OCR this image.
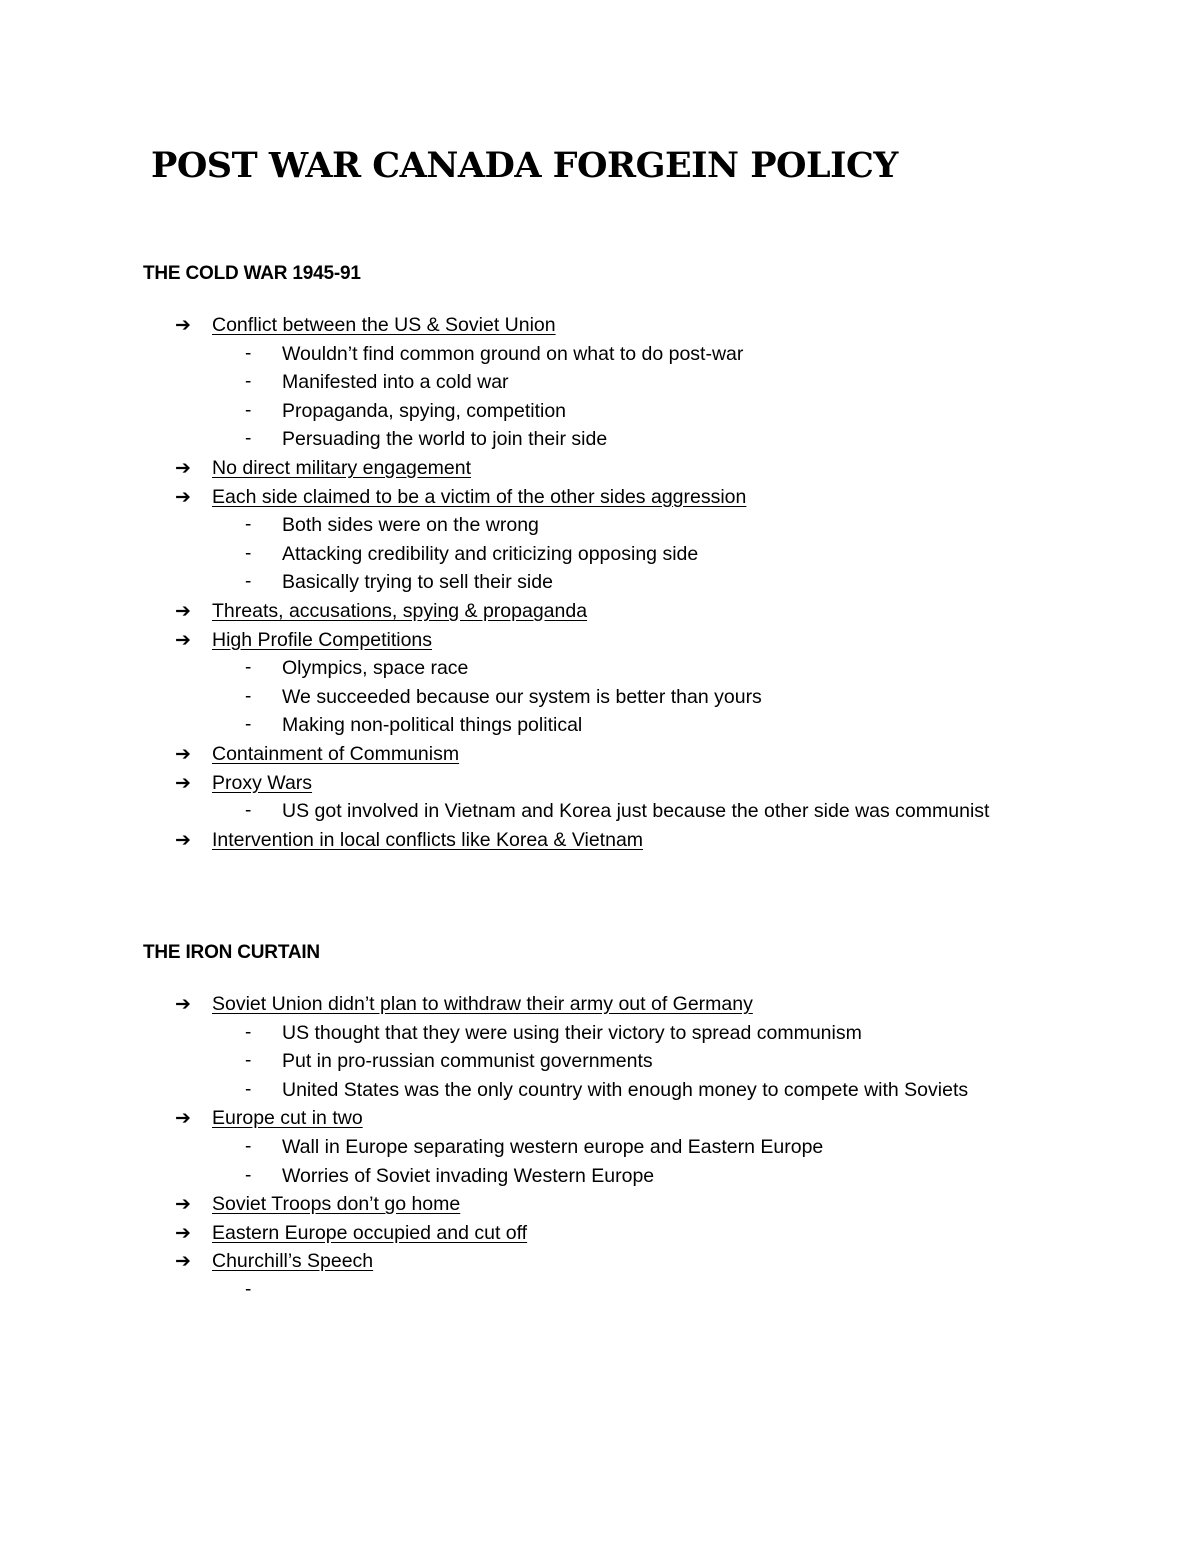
POST WAR CANADA FORGEIN POLICY
THE COLD WAR 1945-91
➔	Conflict between the US & Soviet Union
-	Wouldn’t find common ground on what to do post-war
-	Manifested into a cold war
-	Propaganda, spying, competition
-	Persuading the world to join their side
➔	No direct military engagement
➔	Each side claimed to be a victim of the other sides aggression
-	Both sides were on the wrong
-	Attacking credibility and criticizing opposing side
-	Basically trying to sell their side
➔	Threats, accusations, spying & propaganda
➔	High Profile Competitions
-	Olympics, space race
-	We succeeded because our system is better than yours
-	Making non-political things political
➔	Containment of Communism
➔	Proxy Wars
-	US got involved in Vietnam and Korea just because the other side was communist
➔	Intervention in local conflicts like Korea & Vietnam
THE IRON CURTAIN
➔	Soviet Union didn’t plan to withdraw their army out of Germany
-	US thought that they were using their victory to spread communism
-	Put in pro-russian communist governments
-	United States was the only country with enough money to compete with Soviets
➔	Europe cut in two
-	Wall in Europe separating western europe and Eastern Europe
-	Worries of Soviet invading Western Europe
➔	Soviet Troops don’t go home
➔	Eastern Europe occupied and cut off
➔	Churchill’s Speech
-
